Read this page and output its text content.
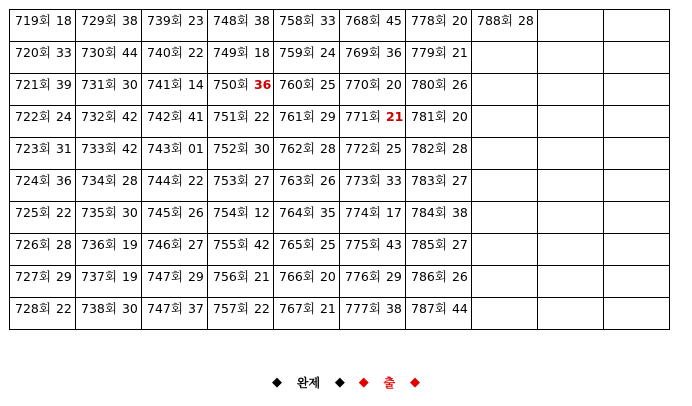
719회 18	729회 38	739회 23	748회 38	758회 33	768회 45	778회 20	788회 28		
720회 33	730회 44	740회 22	749회 18	759회 24	769회 36	779회 21			
721회 39	731회 30	741회 14	750회 36	760회 25	770회 20	780회 26			
722회 24	732회 42	742회 41	751회 22	761회 29	771회 21	781회 20			
723회 31	733회 42	743회 01	752회 30	762회 28	772회 25	782회 28			
724회 36	734회 28	744회 22	753회 27	763회 26	773회 33	783회 27			
725회 22	735회 30	745회 26	754회 12	764회 35	774회 17	784회 38			
726회 28	736회 19	746회 27	755회 42	765회 25	775회 43	785회 27			
727회 29	737회 19	747회 29	756회 21	766회 20	776회 29	786회 26			
728회 22	738회 30	747회 37	757회 22	767회 21	777회 38	787회 44			
◆ 완제 ◆ ◆ 출 ◆
